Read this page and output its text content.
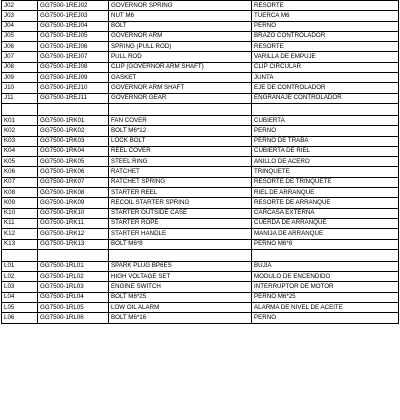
J02	GG7500-1REJ02	GOVERNOR SPRING	RESORTE
J03	GG7500-1REJ03	NUT M6	TUERCA M6
J04	GG7500-1REJ04	BOLT	PERNO
J05	GG7500-1REJ05	GOVERNOR ARM	BRAZO CONTROLADOR
J06	GG7500-1REJ06	SPRING (PULL ROD)	RESORTE
J07	GG7500-1REJ07	PULL ROD	VARILLA DE EMPUJE
J08	GG7500-1REJ08	CLIP (GOVERNOR ARM SHAFT)	CLIP CIRCULAR
J09	GG7500-1REJ09	GASKET	JUNTA
J10	GG7500-1REJ10	GOVERNOR ARM SHAFT	EJE DE CONTROLADOR
J11	GG7500-1REJ11	GOVERNOR GEAR	ENGRANAJE CONTROLADOR

K01	GG7500-1RK01	FAN COVER	CUBIERTA
K02	GG7500-1RK02	BOLT M6*12	PERNO
K03	GG7500-1RK03	LOCK BOLT	PERNO DE TRABA
K04	GG7500-1RK04	REEL COVER	CUBIERTA DE RIEL
K05	GG7500-1RK05	STEEL RING	ANILLO DE ACERO
K06	GG7500-1RK06	RATCHET	TRINQUETE
K07	GG7500-1RK07	RATCHET SPRING	RESORTE DE TRINQUETE
K08	GG7500-1RK08	STARTER REEL	RIEL DE ARRANQUE
K09	GG7500-1RK09	RECOIL STARTER SPRING	RESORTE DE ARRANQUE
K10	GG7500-1RK10	STARTER OUTSIDE CASE	CARCASA EXTERNA
K11	GG7500-1RK11	STARTER ROPE	CUERDA DE ARRANQUE
K12	GG7500-1RK12	STARTER HANDLE	MANIJA DE ARRANQUE
K13	GG7500-1RK13	BOLT M6*8	PERNO M6*8

L01	GG7500-1RL01	SPARK PLUG BP6ES	BUJIA
L02	GG7500-1RL02	HIGH VOLTAGE SET	MODULO DE ENCENDIDO
L03	GG7500-1RL03	ENGINE SWITCH	INTERRUPTOR DE MOTOR
L04	GG7500-1RL04	BOLT M6*25	PERNO M6*25
L05	GG7500-1RL05	LOW OIL ALARM	ALARMA DE NIVEL DE ACEITE
L06	GG7500-1RL06	BOLT M6*16	PERNO
